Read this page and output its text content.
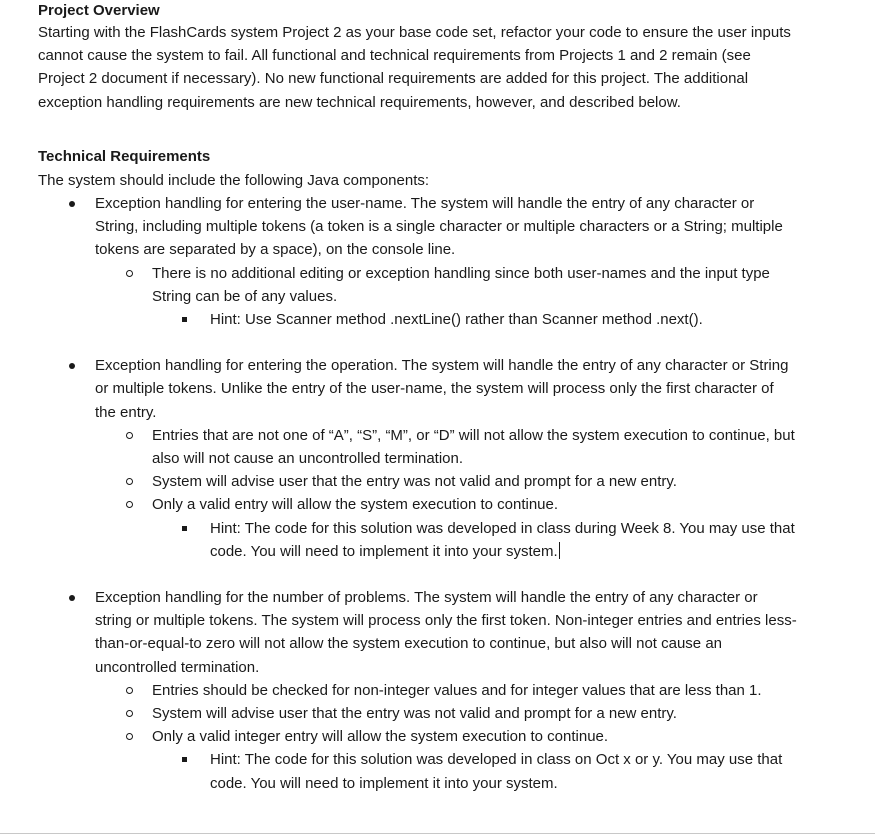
Project Overview

Starting with the FlashCards system Project 2 as your base code set, refactor your code to ensure the user inputs cannot cause the system to fail. All functional and technical requirements from Projects 1 and 2 remain (see Project 2 document if necessary). No new functional requirements are added for this project. The additional exception handling requirements are new technical requirements, however, and described below.

Technical Requirements

The system should include the following Java components:

Exception handling for entering the user-name. The system will handle the entry of any character or String, including multiple tokens (a token is a single character or multiple characters or a String; multiple tokens are separated by a space), on the console line.
There is no additional editing or exception handling since both user-names and the input type String can be of any values.
Hint: Use Scanner method .nextLine() rather than Scanner method .next().
Exception handling for entering the operation. The system will handle the entry of any character or String or multiple tokens. Unlike the entry of the user-name, the system will process only the first character of the entry.
Entries that are not one of “A”, “S”, “M”, or “D” will not allow the system execution to continue, but also will not cause an uncontrolled termination.
System will advise user that the entry was not valid and prompt for a new entry.
Only a valid entry will allow the system execution to continue.
Hint: The code for this solution was developed in class during Week 8. You may use that code. You will need to implement it into your system.
Exception handling for the number of problems. The system will handle the entry of any character or string or multiple tokens. The system will process only the first token. Non-integer entries and entries less-than-or-equal-to zero will not allow the system execution to continue, but also will not cause an uncontrolled termination.
Entries should be checked for non-integer values and for integer values that are less than 1.
System will advise user that the entry was not valid and prompt for a new entry.
Only a valid integer entry will allow the system execution to continue.
Hint: The code for this solution was developed in class on Oct x or y. You may use that code. You will need to implement it into your system.
